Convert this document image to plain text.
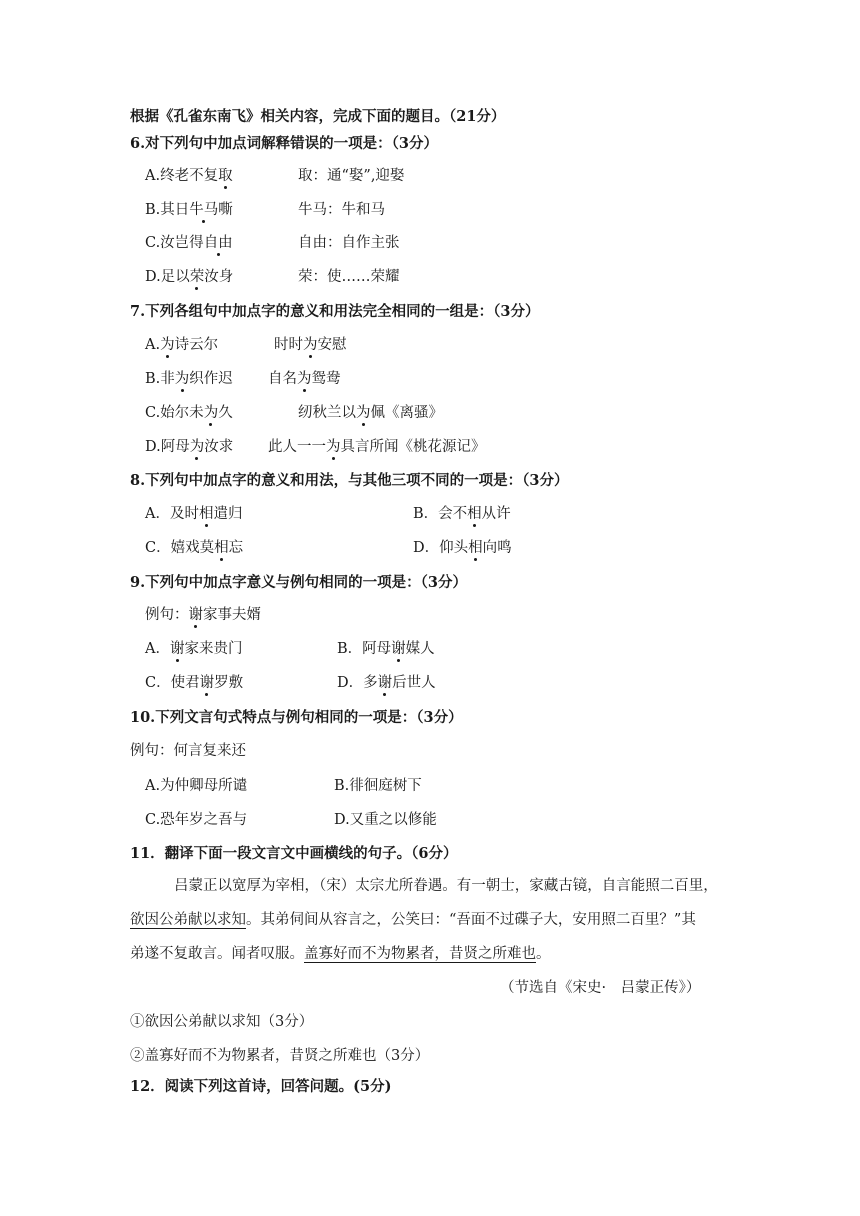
根据《孔雀东南飞》相关内容，完成下面的题目。（21分）
6.对下列句中加点词解释错误的一项是：（3分）
A.终老不复取	取：通“娶”,迎娶
B.其日牛马嘶	牛马：牛和马
C.汝岂得自由	自由：自作主张
D.足以荣汝身	荣：使……荣耀
7.下列各组句中加点字的意义和用法完全相同的一组是：（3分）
A.为诗云尔	时时为安慰
B.非为织作迟 自名为鸳鸯
C.始尔未为久	纫秋兰以为佩《离骚》
D.阿母为汝求 此人一一为具言所闻《桃花源记》
8.下列句中加点字的意义和用法，与其他三项不同的一项是：（3分）
A．及时相遣归	B．会不相从许
C．嬉戏莫相忘	D．仰头相向鸣
9.下列句中加点字意义与例句相同的一项是：（3分）
例句：谢家事夫婿
A．谢家来贵门	B．阿母谢媒人
C．使君谢罗敷	D．多谢后世人
10.下列文言句式特点与例句相同的一项是：（3分）
例句：何言复来还
A.为仲卿母所谴	B.徘徊庭树下
C.恐年岁之吾与	D.又重之以修能
11．翻译下面一段文言文中画横线的句子。（6分）
吕蒙正以宽厚为宰相，（宋）太宗尤所眷遇。有一朝士，家藏古镜，自言能照二百里，
欲因公弟献以求知。其弟伺间从容言之，公笑曰：“吾面不过碟子大，安用照二百里？”其
弟遂不复敢言。闻者叹服。盖寡好而不为物累者，昔贤之所难也。
（节选自《宋史·　吕蒙正传》）
①欲因公弟献以求知（3分）
②盖寡好而不为物累者，昔贤之所难也（3分）
12．阅读下列这首诗，回答问题。(5分)
